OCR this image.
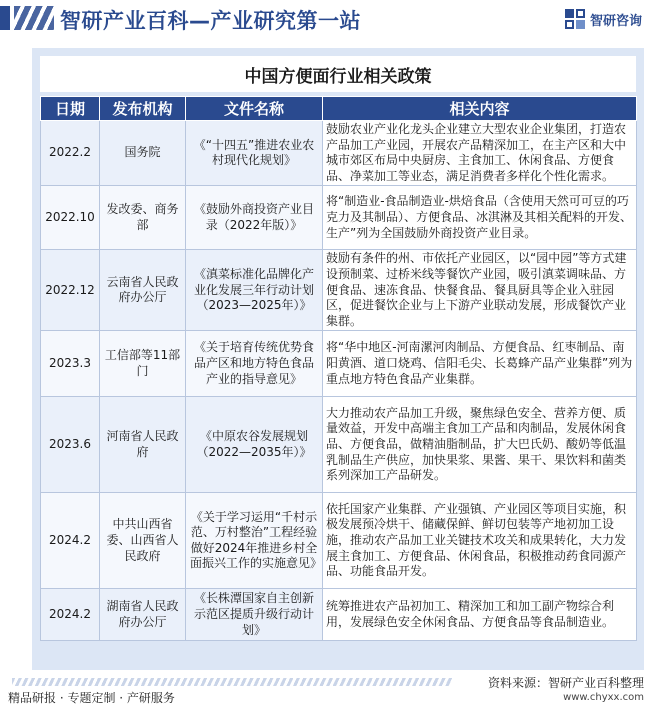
智研产业百科—产业研究第一站	智研咨询
中国方便面行业相关政策
日期	发布机构	文件名称	相关内容
2022.2	国务院	《“十四五”推进农业农村现代化规划》	鼓励农业产业化龙头企业建立大型农业企业集团，打造农产品加工产业园，开展农产品精深加工，在主产区和大中城市郊区布局中央厨房、主食加工、休闲食品、方便食品、净菜加工等业态，满足消费者多样化个性化需求。
2022.10	发改委、商务部	《鼓励外商投资产业目录（2022年版）》	将“制造业-食品制造业-烘焙食品（含使用天然可可豆的巧克力及其制品）、方便食品、冰淇淋及其相关配料的开发、生产”列为全国鼓励外商投资产业目录。
2022.12	云南省人民政府办公厅	《滇菜标准化品牌化产业化发展三年行动计划（2023—2025年）》	鼓励有条件的州、市依托产业园区，以“园中园”等方式建设预制菜、过桥米线等餐饮产业园，吸引滇菜调味品、方便食品、速冻食品、快餐食品、餐具厨具等企业入驻园区，促进餐饮企业与上下游产业联动发展，形成餐饮产业集群。
2023.3	工信部等11部门	《关于培育传统优势食品产区和地方特色食品产业的指导意见》	将“华中地区-河南漯河肉制品、方便食品、红枣制品、南阳黄酒、道口烧鸡、信阳毛尖、长葛蜂产品产业集群”列为重点地方特色食品产业集群。
2023.6	河南省人民政府	《中原农谷发展规划（2022—2035年）》	大力推动农产品加工升级，聚焦绿色安全、营养方便、质量效益，开发中高端主食加工产品和肉制品，发展休闲食品、方便食品，做精油脂制品，扩大巴氏奶、酸奶等低温乳制品生产供应，加快果浆、果酱、果干、果饮料和菌类系列深加工产品研发。
2024.2	中共山西省委、山西省人民政府	《关于学习运用“千村示范、万村整治”工程经验做好2024年推进乡村全面振兴工作的实施意见》	依托国家产业集群、产业强镇、产业园区等项目实施，积极发展预冷烘干、储藏保鲜、鲜切包装等产地初加工设施，推动农产品加工业关键技术攻关和成果转化，大力发展主食加工、方便食品、休闲食品，积极推动药食同源产品、功能食品开发。
2024.2	湖南省人民政府办公厅	《长株潭国家自主创新示范区提质升级行动计划》	统筹推进农产品初加工、精深加工和加工副产物综合利用，发展绿色安全休闲食品、方便食品等食品制造业。
资料来源：智研产业百科整理
精品研报 · 专题定制 · 产研服务	www.chyxx.com
